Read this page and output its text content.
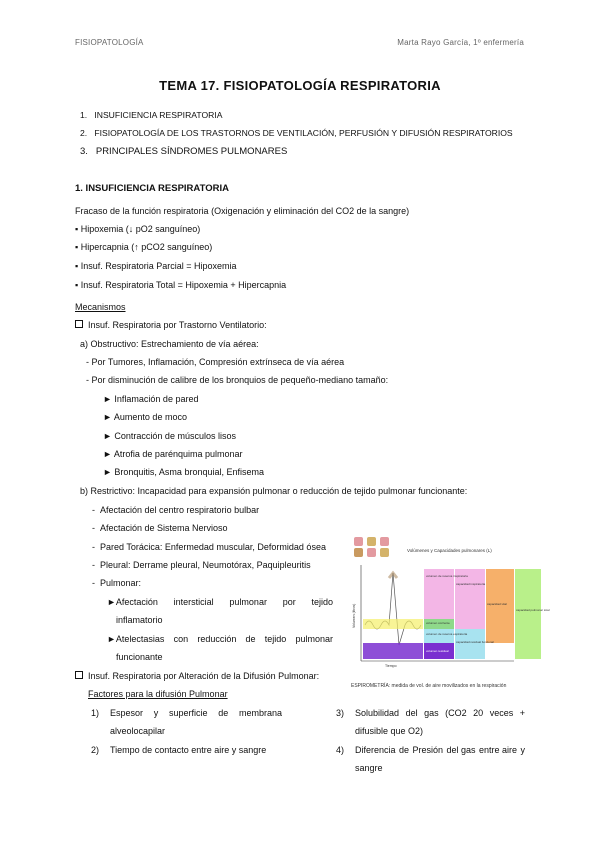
FISIOPATOLOGÍA	Marta Rayo García, 1º enfermería
TEMA 17. FISIOPATOLOGÍA RESPIRATORIA
1. INSUFICIENCIA RESPIRATORIA
2. FISIOPATOLOGÍA DE LOS TRASTORNOS DE VENTILACIÓN, PERFUSIÓN Y DIFUSIÓN RESPIRATORIOS
3. PRINCIPALES SÍNDROMES PULMONARES
1. INSUFICIENCIA RESPIRATORIA
Fracaso de la función respiratoria (Oxigenación y eliminación del CO2 de la sangre)
▪ Hipoxemia (↓ pO2 sanguíneo)
▪ Hipercapnia (↑ pCO2 sanguíneo)
▪ Insuf. Respiratoria Parcial = Hipoxemia
▪ Insuf. Respiratoria Total = Hipoxemia + Hipercapnia
Mecanismos
Insuf. Respiratoria por Trastorno Ventilatorio:
a) Obstructivo: Estrechamiento de vía aérea:
- Por Tumores, Inflamación, Compresión extrínseca de vía aérea
- Por disminución de calibre de los bronquios de pequeño-mediano tamaño:
► Inflamación de pared
► Aumento de moco
► Contracción de músculos lisos
► Atrofia de parénquima pulmonar
► Bronquitis, Asma bronquial, Enfisema
b) Restrictivo: Incapacidad para expansión pulmonar o reducción de tejido pulmonar funcionante:
-  Afectación del centro respiratorio bulbar
-  Afectación de Sistema Nervioso
-  Pared Torácica: Enfermedad muscular, Deformidad ósea
-  Pleural: Derrame pleural, Neumotórax, Paquipleuritis
-  Pulmonar:
►Afectación intersticial pulmonar por tejido
inflamatorio
►Atelectasias con reducción de tejido pulmonar
funcionante
Insuf. Respiratoria por Alteración de la Difusión Pulmonar:
Factores para la difusión Pulmonar
1) Espesor y superficie de membrana
alveolocapilar
2) Tiempo de contacto entre aire y sangre
3) Solubilidad del gas (CO2 20 veces +
difusible que O2)
4) Diferencia de Presión del gas entre aire y
sangre
Volúmenes y Capacidades pulmonares (L)
Volumen (litros)
Tiempo
volumen de reserva inspiratoria
volumen corriente
volumen de reserva espiratoria
volumen residual
capacidad inspiratoria
capacidad residual funcional
capacidad vital
capacidad pulmonar total
ESPIROMETRÍA: medida de vol. de aire movilizados en la respiración
